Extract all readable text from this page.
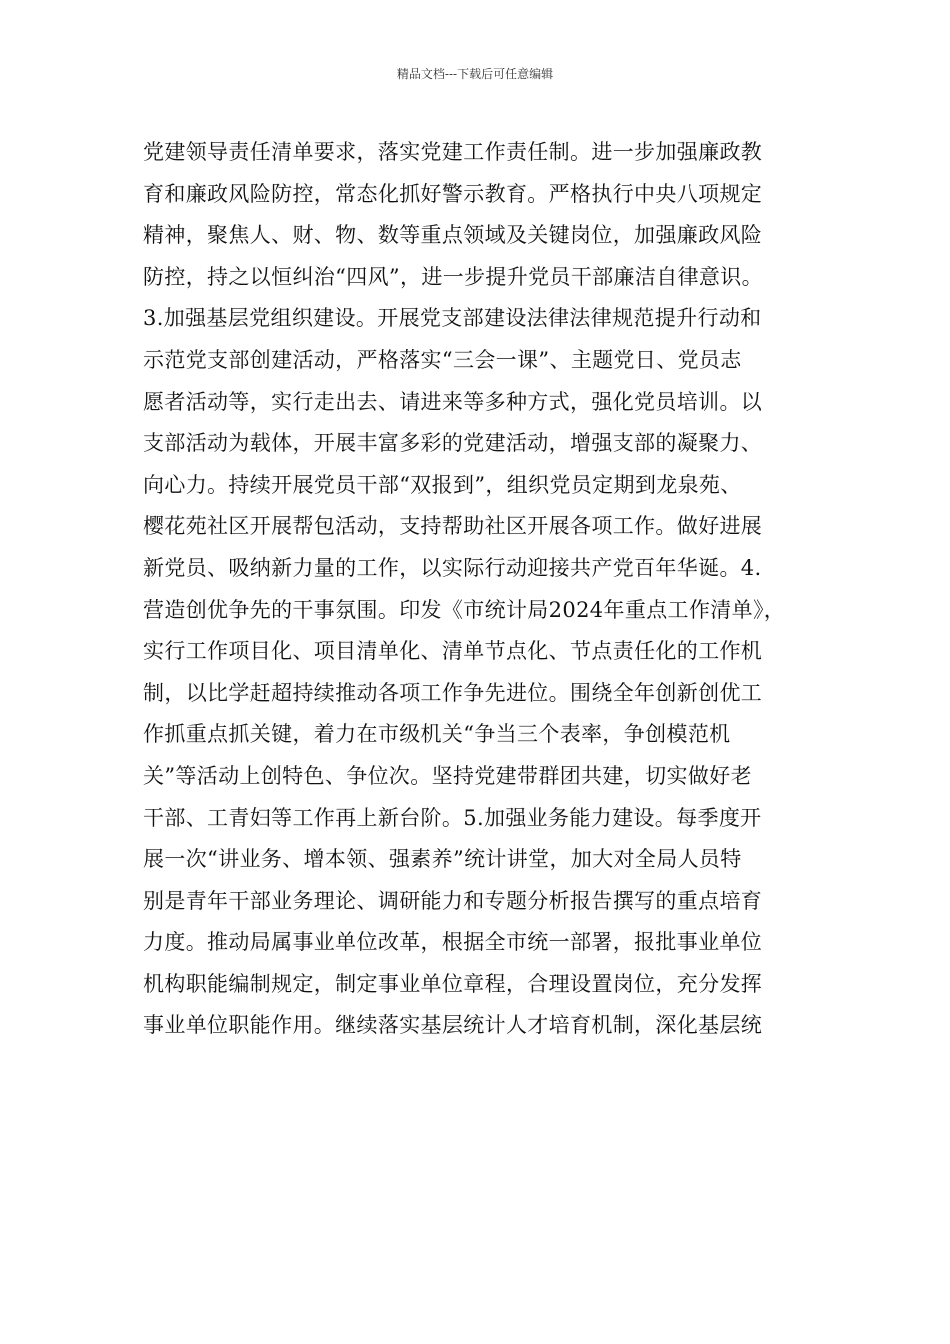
精品文档---下载后可任意编辑
党建领导责任清单要求，落实党建工作责任制。进一步加强廉政教
育和廉政风险防控，常态化抓好警示教育。严格执行中央八项规定
精神，聚焦人、财、物、数等重点领域及关键岗位，加强廉政风险
防控，持之以恒纠治“四风”，进一步提升党员干部廉洁自律意识。
3.加强基层党组织建设。开展党支部建设法律法律规范提升行动和
示范党支部创建活动，严格落实“三会一课”、主题党日、党员志
愿者活动等，实行走出去、请进来等多种方式，强化党员培训。以
支部活动为载体，开展丰富多彩的党建活动，增强支部的凝聚力、
向心力。持续开展党员干部“双报到”，组织党员定期到龙泉苑、
樱花苑社区开展帮包活动，支持帮助社区开展各项工作。做好进展
新党员、吸纳新力量的工作，以实际行动迎接共产党百年华诞。4.
营造创优争先的干事氛围。印发《市统计局2024年重点工作清单》，
实行工作项目化、项目清单化、清单节点化、节点责任化的工作机
制，以比学赶超持续推动各项工作争先进位。围绕全年创新创优工
作抓重点抓关键，着力在市级机关“争当三个表率，争创模范机
关”等活动上创特色、争位次。坚持党建带群团共建，切实做好老
干部、工青妇等工作再上新台阶。5.加强业务能力建设。每季度开
展一次“讲业务、增本领、强素养”统计讲堂，加大对全局人员特
别是青年干部业务理论、调研能力和专题分析报告撰写的重点培育
力度。推动局属事业单位改革，根据全市统一部署，报批事业单位
机构职能编制规定，制定事业单位章程，合理设置岗位，充分发挥
事业单位职能作用。继续落实基层统计人才培育机制，深化基层统
